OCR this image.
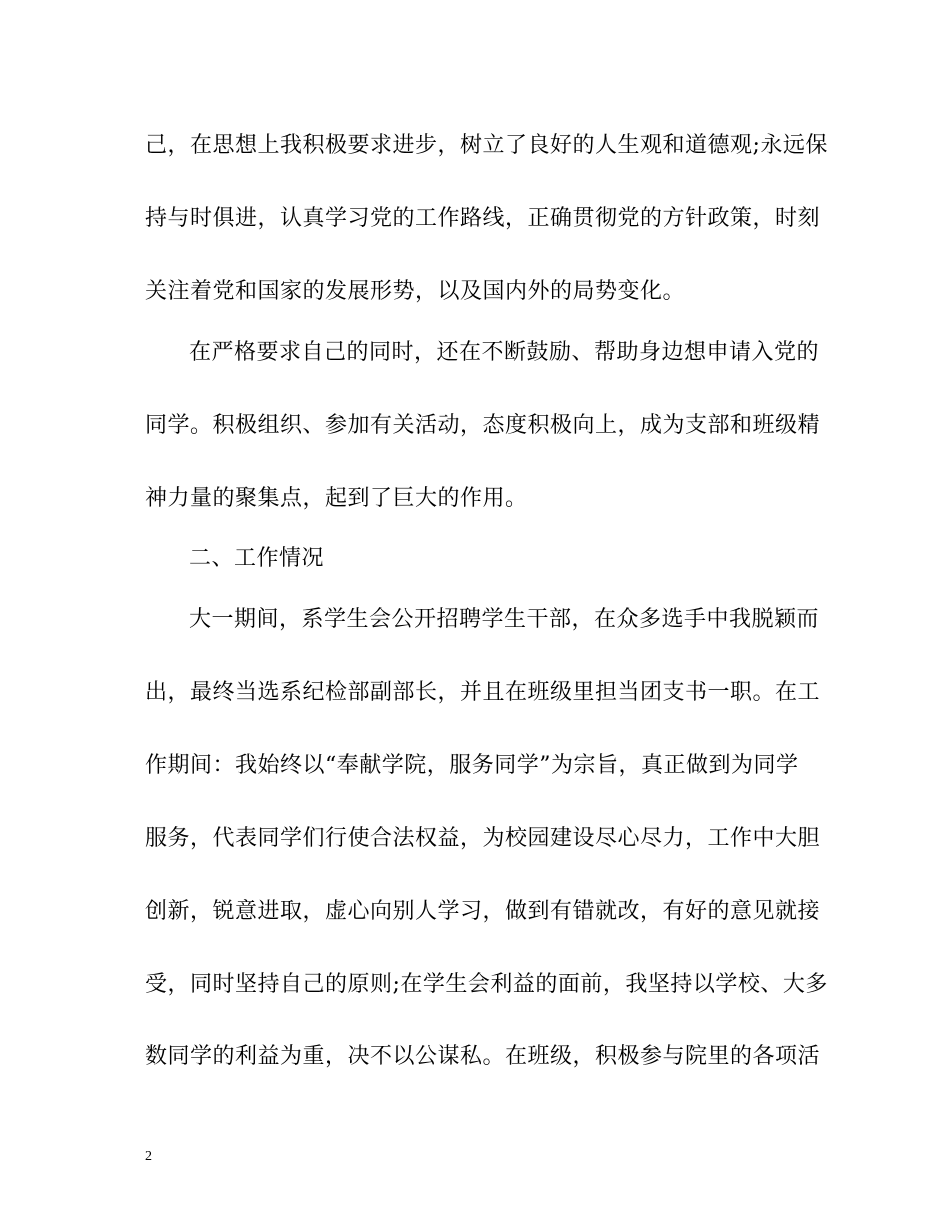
己，在思想上我积极要求进步，树立了良好的人生观和道德观;永远保
持与时俱进，认真学习党的工作路线，正确贯彻党的方针政策，时刻
关注着党和国家的发展形势，以及国内外的局势变化。
在严格要求自己的同时，还在不断鼓励、帮助身边想申请入党的
同学。积极组织、参加有关活动，态度积极向上，成为支部和班级精
神力量的聚集点，起到了巨大的作用。
二、工作情况
大一期间，系学生会公开招聘学生干部，在众多选手中我脱颖而
出，最终当选系纪检部副部长，并且在班级里担当团支书一职。在工
作期间：我始终以“奉献学院，服务同学”为宗旨，真正做到为同学
服务，代表同学们行使合法权益，为校园建设尽心尽力，工作中大胆
创新，锐意进取，虚心向别人学习，做到有错就改，有好的意见就接
受，同时坚持自己的原则;在学生会利益的面前，我坚持以学校、大多
数同学的利益为重，决不以公谋私。在班级，积极参与院里的各项活
2
